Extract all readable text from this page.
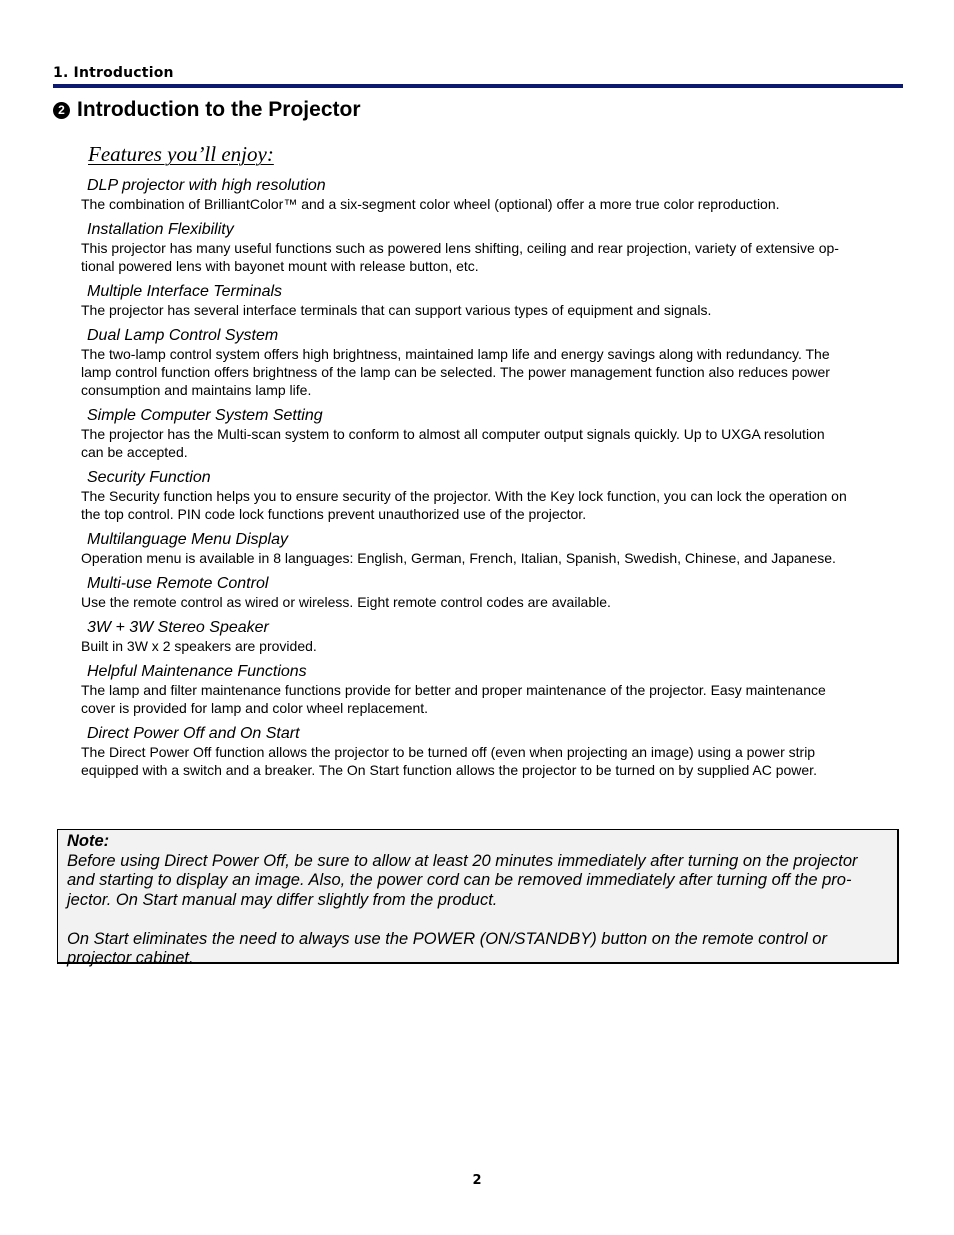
1. Introduction
2 Introduction to the Projector
Features you’ll enjoy:
DLP projector with high resolution
The combination of BrilliantColor™ and a six-segment color wheel (optional) offer a more true color reproduction.
Installation Flexibility
This projector has many useful functions such as powered lens shifting, ceiling and rear projection, variety of extensive op-
tional powered lens with bayonet mount with release button, etc.
Multiple Interface Terminals
The projector has several interface terminals that can support various types of equipment and signals.
Dual Lamp Control System
The two-lamp control system offers high brightness, maintained lamp life and energy savings along with redundancy. The
lamp control function offers brightness of the lamp can be selected. The power management function also reduces power
consumption and maintains lamp life.
Simple Computer System Setting
The projector has the Multi-scan system to conform to almost all computer output signals quickly. Up to UXGA resolution
can be accepted.
Security Function
The Security function helps you to ensure security of the projector. With the Key lock function, you can lock the operation on
the top control. PIN code lock functions prevent unauthorized use of the projector.
Multilanguage Menu Display
Operation menu is available in 8 languages: English, German, French, Italian, Spanish, Swedish, Chinese, and Japanese.
Multi-use Remote Control
Use the remote control as wired or wireless. Eight remote control codes are available.
3W + 3W Stereo Speaker
Built in 3W x 2 speakers are provided.
Helpful Maintenance Functions
The lamp and filter maintenance functions provide for better and proper maintenance of the projector. Easy maintenance
cover is provided for lamp and color wheel replacement.
Direct Power Off and On Start
The Direct Power Off function allows the projector to be turned off (even when projecting an image) using a power strip
equipped with a switch and a breaker. The On Start function allows the projector to be turned on by supplied AC power.
Note:
Before using Direct Power Off, be sure to allow at least 20 minutes immediately after turning on the projector
and starting to display an image. Also, the power cord can be removed immediately after turning off the pro-
jector. On Start manual may differ slightly from the product.
On Start eliminates the need to always use the POWER (ON/STANDBY) button on the remote control or
projector cabinet.
2
